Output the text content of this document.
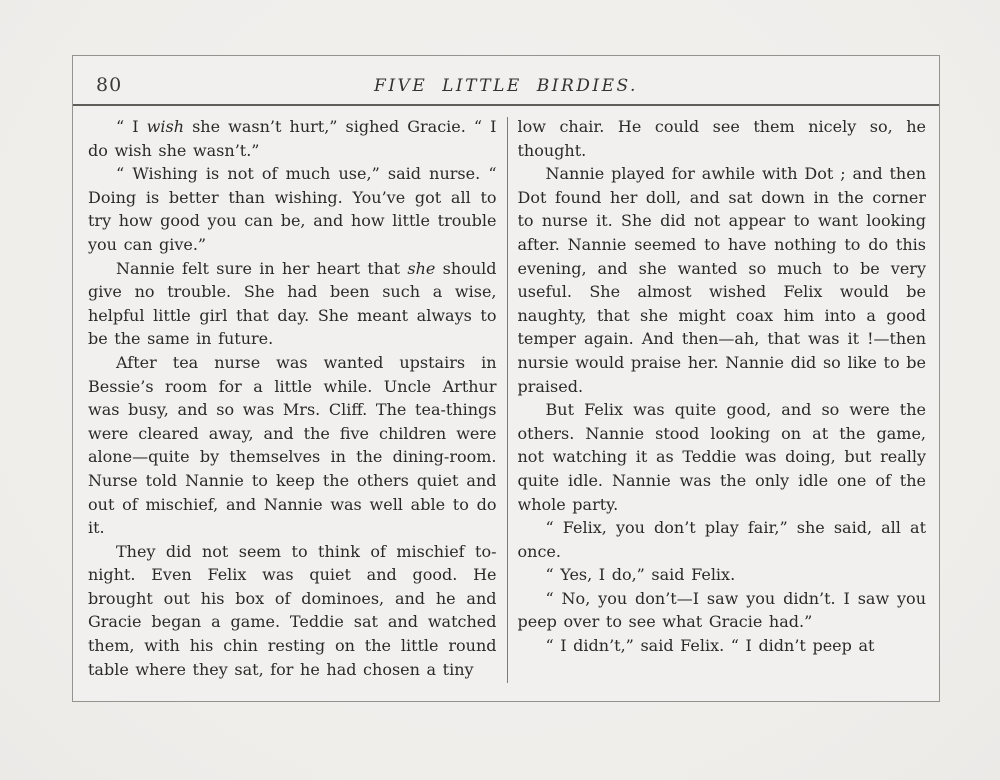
80	FIVE LITTLE BIRDIES.

“ I wish she wasn’t hurt,” sighed Gracie. “ I do wish she wasn’t.”

“ Wishing is not of much use,” said nurse. “ Doing is better than wishing. You’ve got all to try how good you can be, and how little trouble you can give.”

Nannie felt sure in her heart that she should give no trouble. She had been such a wise, helpful little girl that day. She meant always to be the same in future.

After tea nurse was wanted upstairs in Bessie’s room for a little while. Uncle Arthur was busy, and so was Mrs. Cliff. The tea-things were cleared away, and the five children were alone—quite by themselves in the dining-room. Nurse told Nannie to keep the others quiet and out of mischief, and Nannie was well able to do it.

They did not seem to think of mischief to-night. Even Felix was quiet and good. He brought out his box of dominoes, and he and Gracie began a game. Teddie sat and watched them, with his chin resting on the little round table where they sat, for he had chosen a tiny

low chair. He could see them nicely so, he thought.

Nannie played for awhile with Dot ; and then Dot found her doll, and sat down in the corner to nurse it. She did not appear to want looking after. Nannie seemed to have nothing to do this evening, and she wanted so much to be very useful. She almost wished Felix would be naughty, that she might coax him into a good temper again. And then—ah, that was it !—then nursie would praise her. Nannie did so like to be praised.

But Felix was quite good, and so were the others. Nannie stood looking on at the game, not watching it as Teddie was doing, but really quite idle. Nannie was the only idle one of the whole party.

“ Felix, you don’t play fair,” she said, all at once.

“ Yes, I do,” said Felix.

“ No, you don’t—I saw you didn’t. I saw you peep over to see what Gracie had.”

“ I didn’t,” said Felix. “ I didn’t peep at
